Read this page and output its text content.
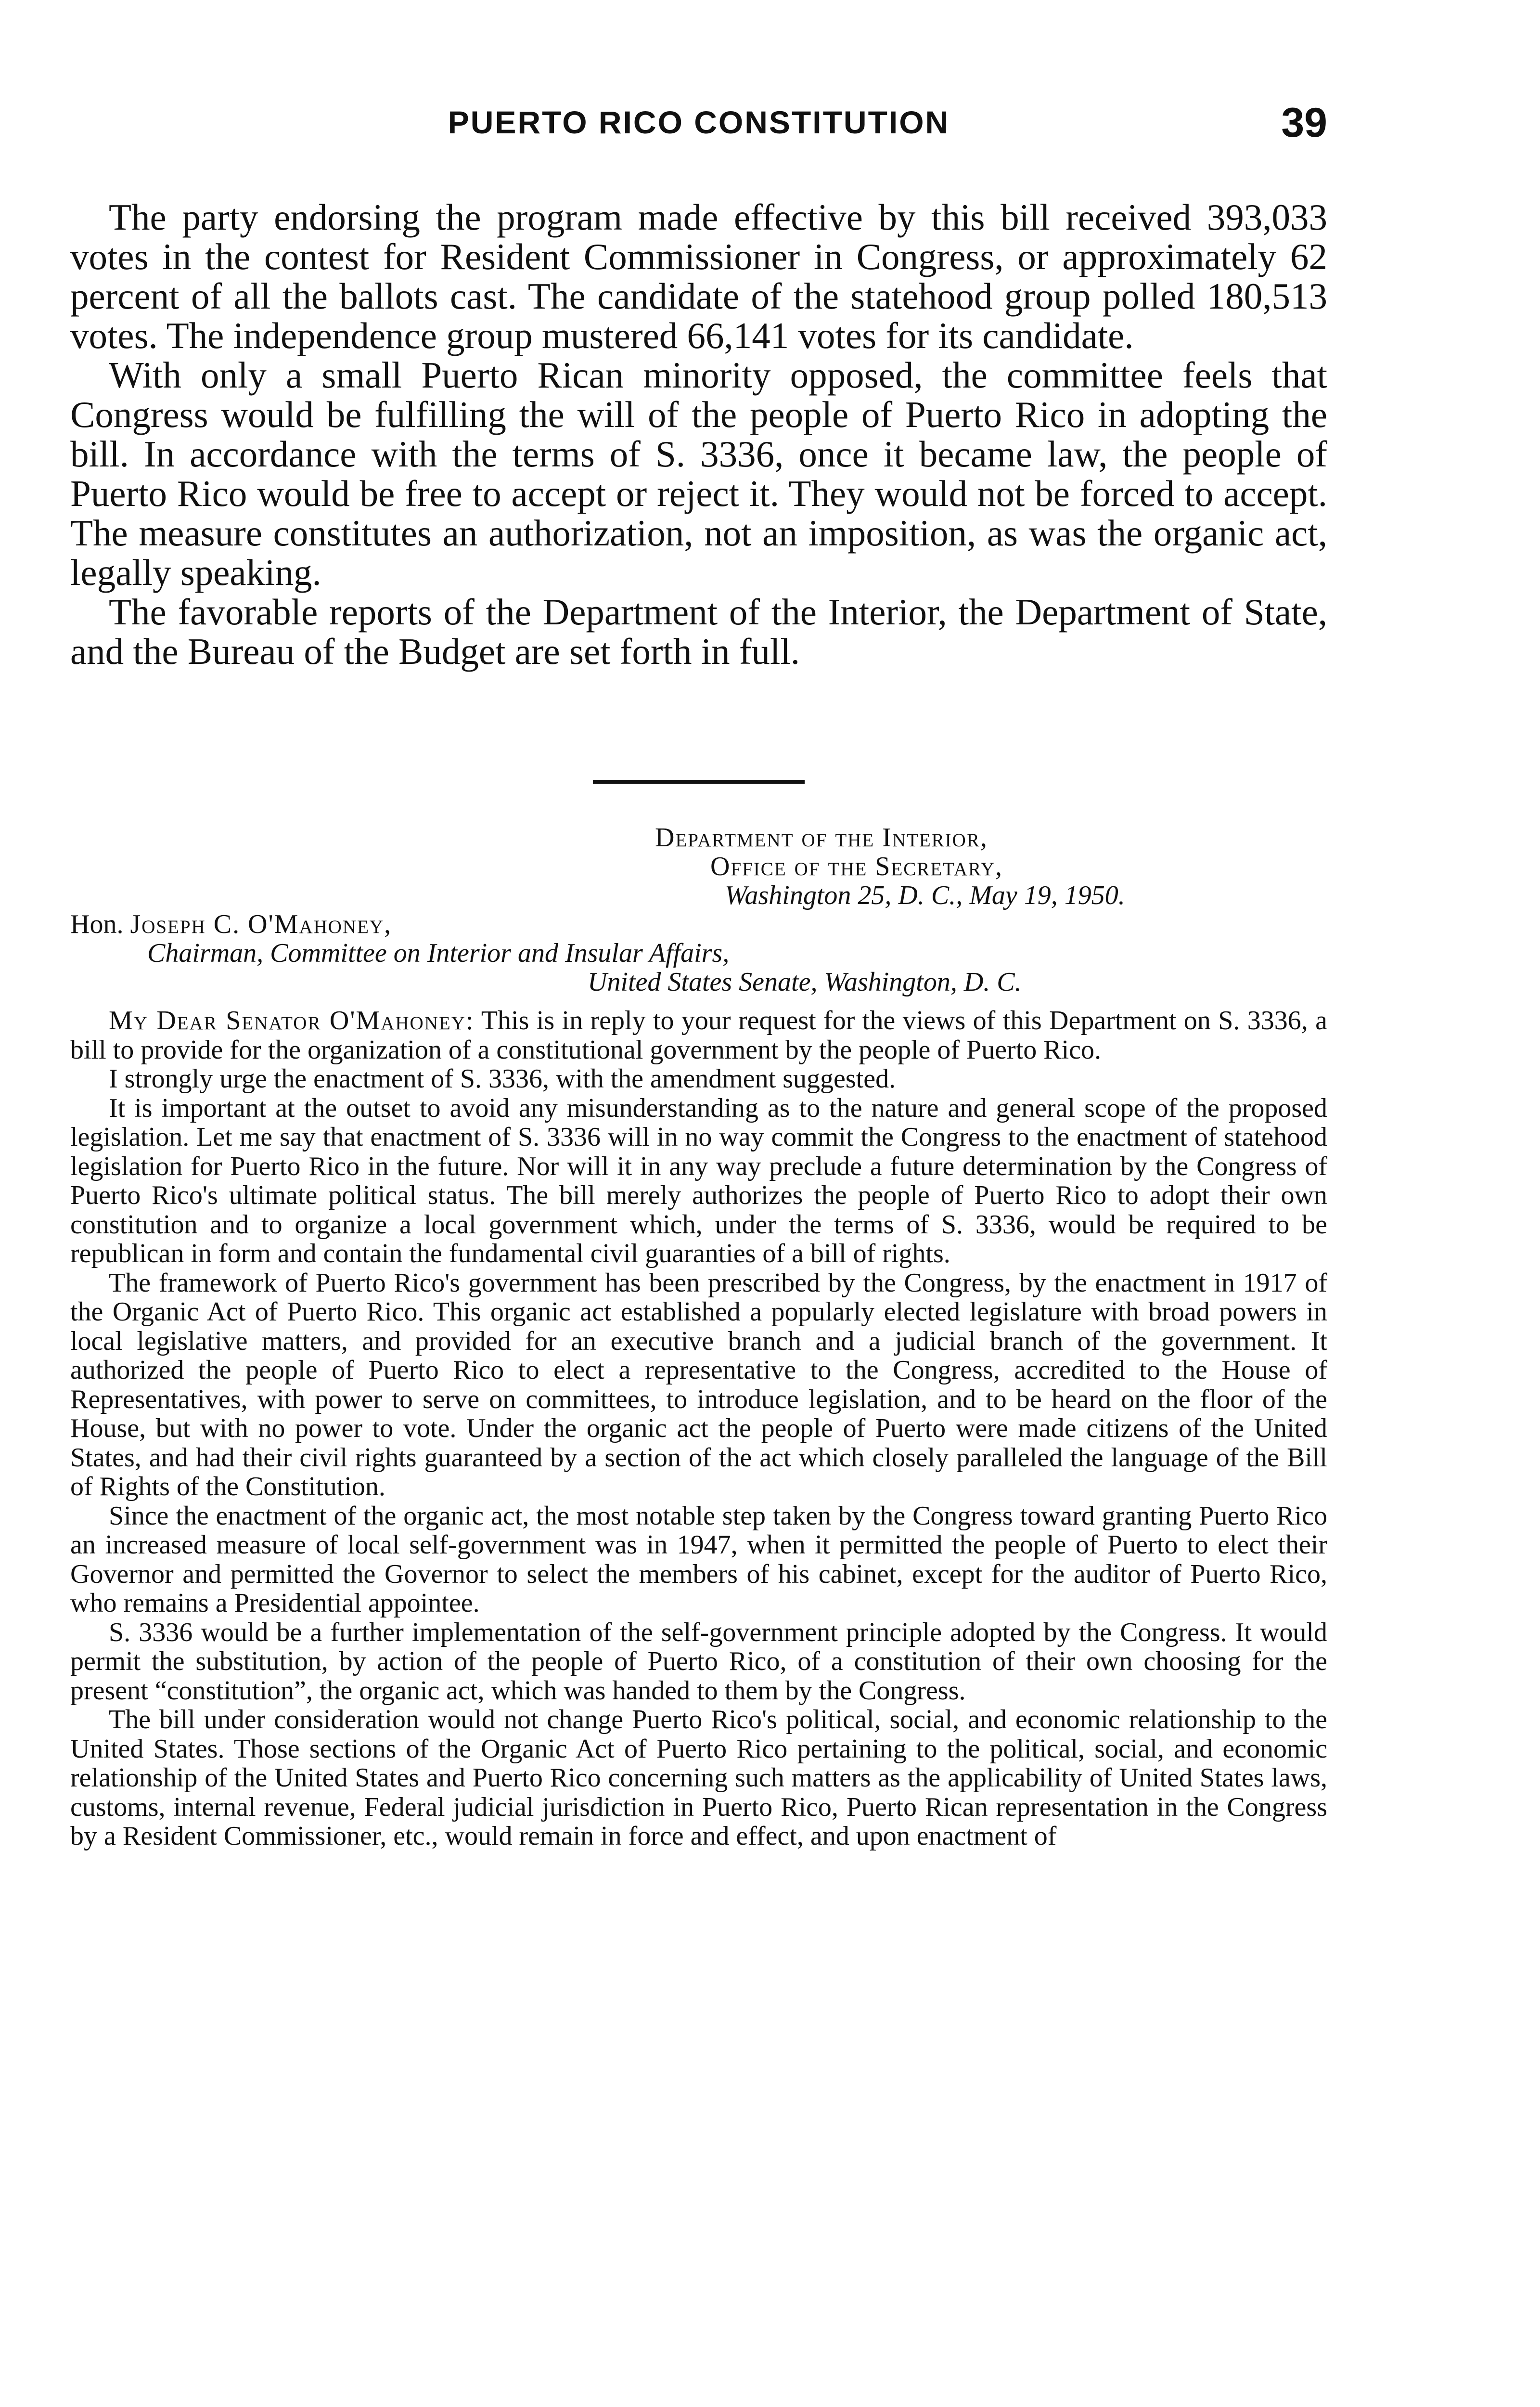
PUERTO RICO CONSTITUTION	39

The party endorsing the program made effective by this bill received 393,033 votes in the contest for Resident Commissioner in Congress, or approximately 62 percent of all the ballots cast. The candidate of the statehood group polled 180,513 votes. The independence group mustered 66,141 votes for its candidate.

With only a small Puerto Rican minority opposed, the committee feels that Congress would be fulfilling the will of the people of Puerto Rico in adopting the bill. In accordance with the terms of S. 3336, once it became law, the people of Puerto Rico would be free to accept or reject it. They would not be forced to accept. The measure constitutes an authorization, not an imposition, as was the organic act, legally speaking.

The favorable reports of the Department of the Interior, the Department of State, and the Bureau of the Budget are set forth in full.

Department of the Interior,
Office of the Secretary,
Washington 25, D. C., May 19, 1950.
Hon. Joseph C. O'Mahoney,
Chairman, Committee on Interior and Insular Affairs,
United States Senate, Washington, D. C.

My Dear Senator O'Mahoney: This is in reply to your request for the views of this Department on S. 3336, a bill to provide for the organization of a constitutional government by the people of Puerto Rico.

I strongly urge the enactment of S. 3336, with the amendment suggested.

It is important at the outset to avoid any misunderstanding as to the nature and general scope of the proposed legislation. Let me say that enactment of S. 3336 will in no way commit the Congress to the enactment of statehood legislation for Puerto Rico in the future. Nor will it in any way preclude a future determination by the Congress of Puerto Rico's ultimate political status. The bill merely authorizes the people of Puerto Rico to adopt their own constitution and to organize a local government which, under the terms of S. 3336, would be required to be republican in form and contain the fundamental civil guaranties of a bill of rights.

The framework of Puerto Rico's government has been prescribed by the Congress, by the enactment in 1917 of the Organic Act of Puerto Rico. This organic act established a popularly elected legislature with broad powers in local legislative matters, and provided for an executive branch and a judicial branch of the government. It authorized the people of Puerto Rico to elect a representative to the Congress, accredited to the House of Representatives, with power to serve on committees, to introduce legislation, and to be heard on the floor of the House, but with no power to vote. Under the organic act the people of Puerto were made citizens of the United States, and had their civil rights guaranteed by a section of the act which closely paralleled the language of the Bill of Rights of the Constitution.

Since the enactment of the organic act, the most notable step taken by the Congress toward granting Puerto Rico an increased measure of local self-government was in 1947, when it permitted the people of Puerto to elect their Governor and permitted the Governor to select the members of his cabinet, except for the auditor of Puerto Rico, who remains a Presidential appointee.

S. 3336 would be a further implementation of the self-government principle adopted by the Congress. It would permit the substitution, by action of the people of Puerto Rico, of a constitution of their own choosing for the present “constitution”, the organic act, which was handed to them by the Congress.

The bill under consideration would not change Puerto Rico's political, social, and economic relationship to the United States. Those sections of the Organic Act of Puerto Rico pertaining to the political, social, and economic relationship of the United States and Puerto Rico concerning such matters as the applicability of United States laws, customs, internal revenue, Federal judicial jurisdiction in Puerto Rico, Puerto Rican representation in the Congress by a Resident Commissioner, etc., would remain in force and effect, and upon enactment of
